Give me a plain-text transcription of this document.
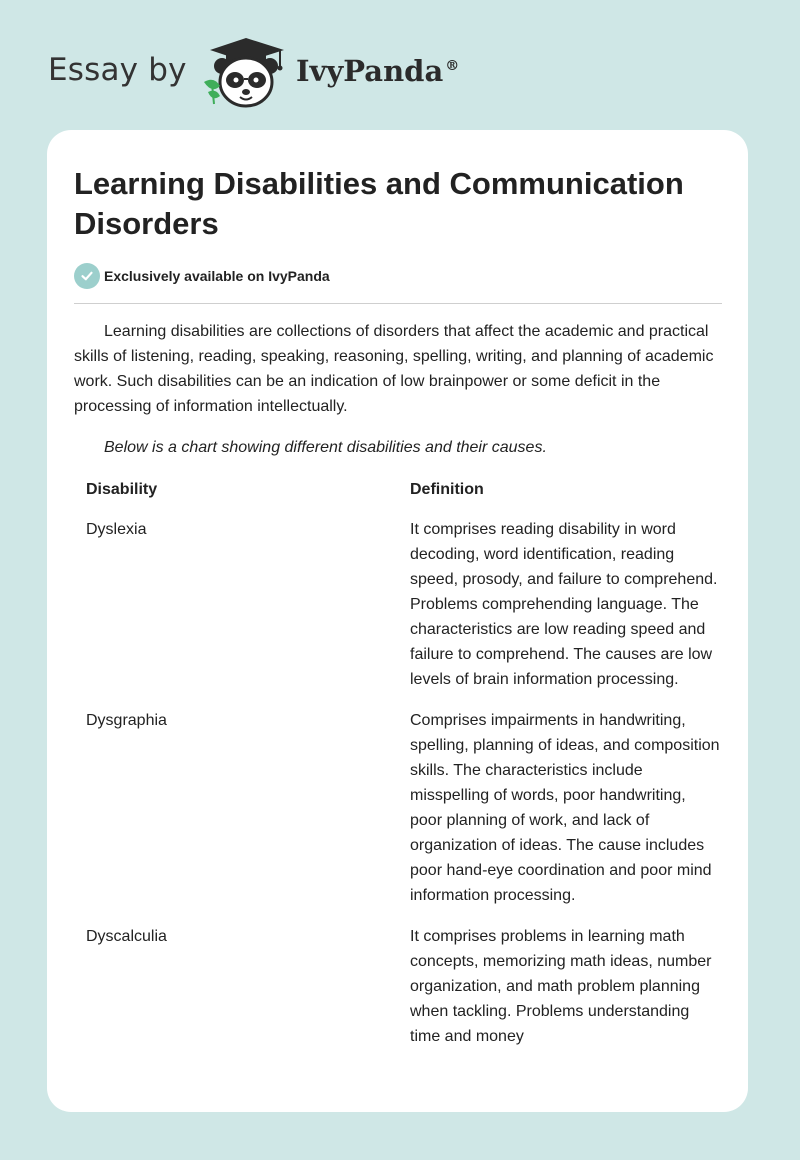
Essay by	IvyPanda ®
Learning Disabilities and Communication Disorders
Exclusively available on IvyPanda

Learning disabilities are collections of disorders that affect the academic and practical skills of listening, reading, speaking, reasoning, spelling, writing, and planning of academic work. Such disabilities can be an indication of low brainpower or some deficit in the processing of information intellectually.

Below is a chart showing different disabilities and their causes.

Disability	Definition
Dyslexia	It comprises reading disability in word decoding, word identification, reading speed, prosody, and failure to comprehend. Problems comprehending language. The characteristics are low reading speed and failure to comprehend. The causes are low levels of brain information processing.
Dysgraphia	Comprises impairments in handwriting, spelling, planning of ideas, and composition skills. The characteristics include misspelling of words, poor handwriting, poor planning of work, and lack of organization of ideas. The cause includes poor hand-eye coordination and poor mind information processing.
Dyscalculia	It comprises problems in learning math concepts, memorizing math ideas, number organization, and math problem planning when tackling. Problems understanding time and money
